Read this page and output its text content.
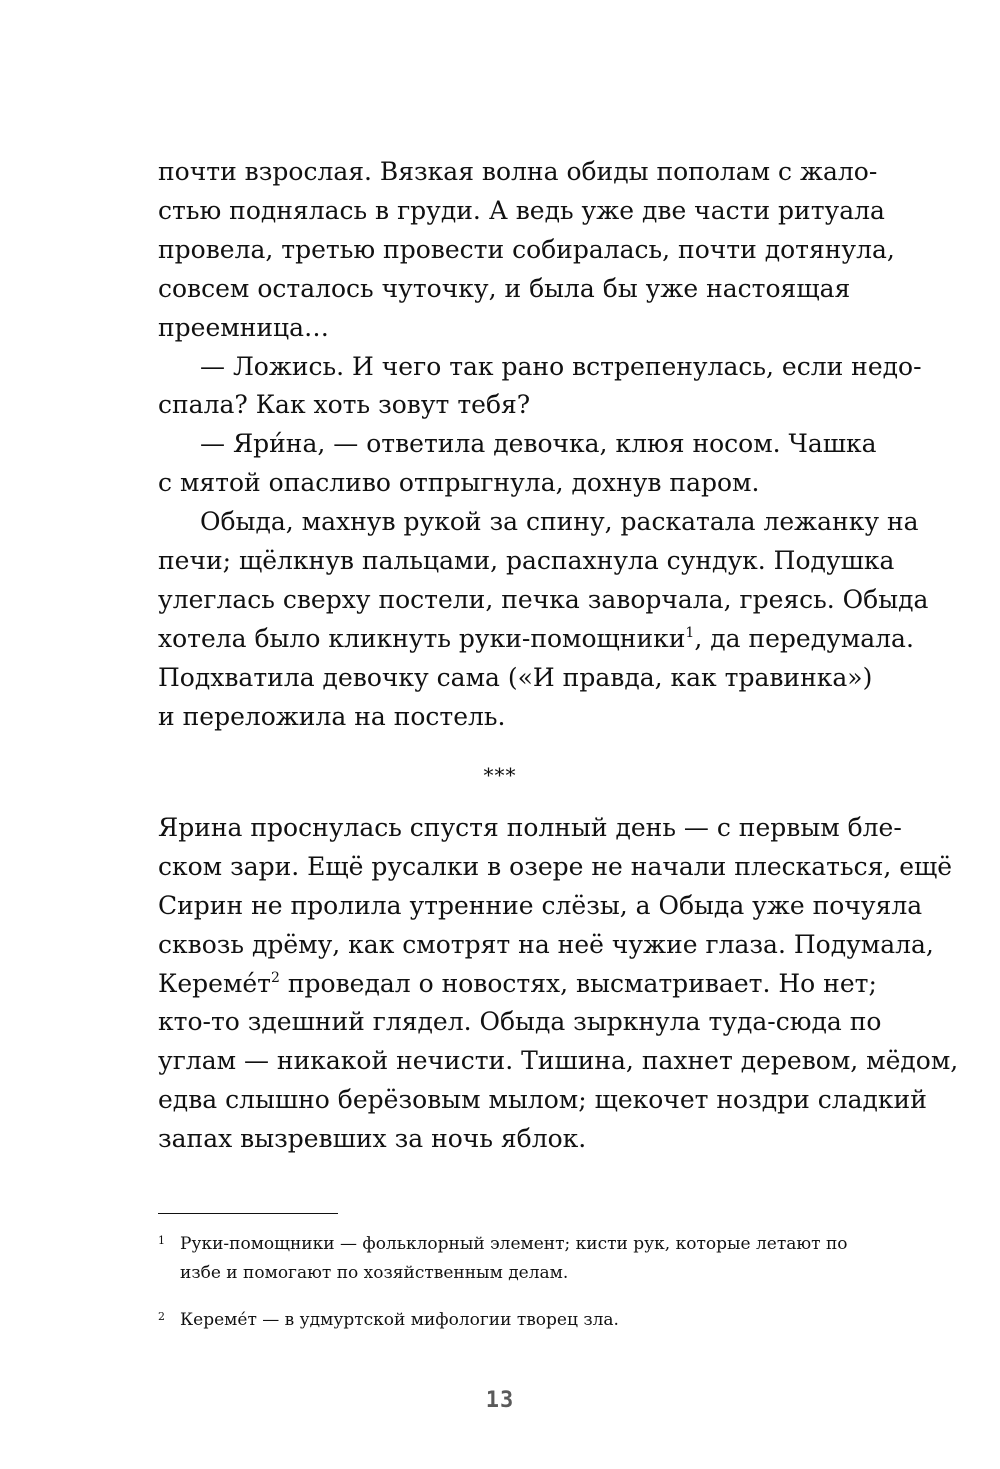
почти взрослая. Вязкая волна обиды пополам с жало-
стью поднялась в груди. А ведь уже две части ритуала
провела, третью провести собиралась, почти дотянула,
совсем осталось чуточку, и была бы уже настоящая
преемница…
— Ложись. И чего так рано встрепенулась, если недо-
спала? Как хоть зовут тебя?
— Яри́на, — ответила девочка, клюя носом. Чашка
с мятой опасливо отпрыгнула, дохнув паром.
Обыда, махнув рукой за спину, раскатала лежанку на
печи; щёлкнув пальцами, распахнула сундук. Подушка
улеглась сверху постели, печка заворчала, греясь. Обыда
хотела было кликнуть руки-помощники$^1$, да передумала.
Подхватила девочку сама («И правда, как травинка»)
и переложила на постель.
***
Ярина проснулась спустя полный день — с первым бле-
ском зари. Ещё русалки в озере не начали плескаться, ещё
Сирин не пролила утренние слёзы, а Обыда уже почуяла
сквозь дрёму, как смотрят на неё чужие глаза. Подумала,
$Кереме́т^2$ проведал о новостях, высматривает. Но нет;
кто-то здешний глядел. Обыда зыркнула туда-сюда по
углам — никакой нечисти. Тишина, пахнет деревом, мёдом,
едва слышно берёзовым мылом; щекочет ноздри сладкий
запах вызревших за ночь яблок.
1 Руки-помощники — фольклорный элемент; кисти рук, которые летают по
избе и помогают по хозяйственным делам.
2 Кереме́т — в удмуртской мифологии творец зла.
13
